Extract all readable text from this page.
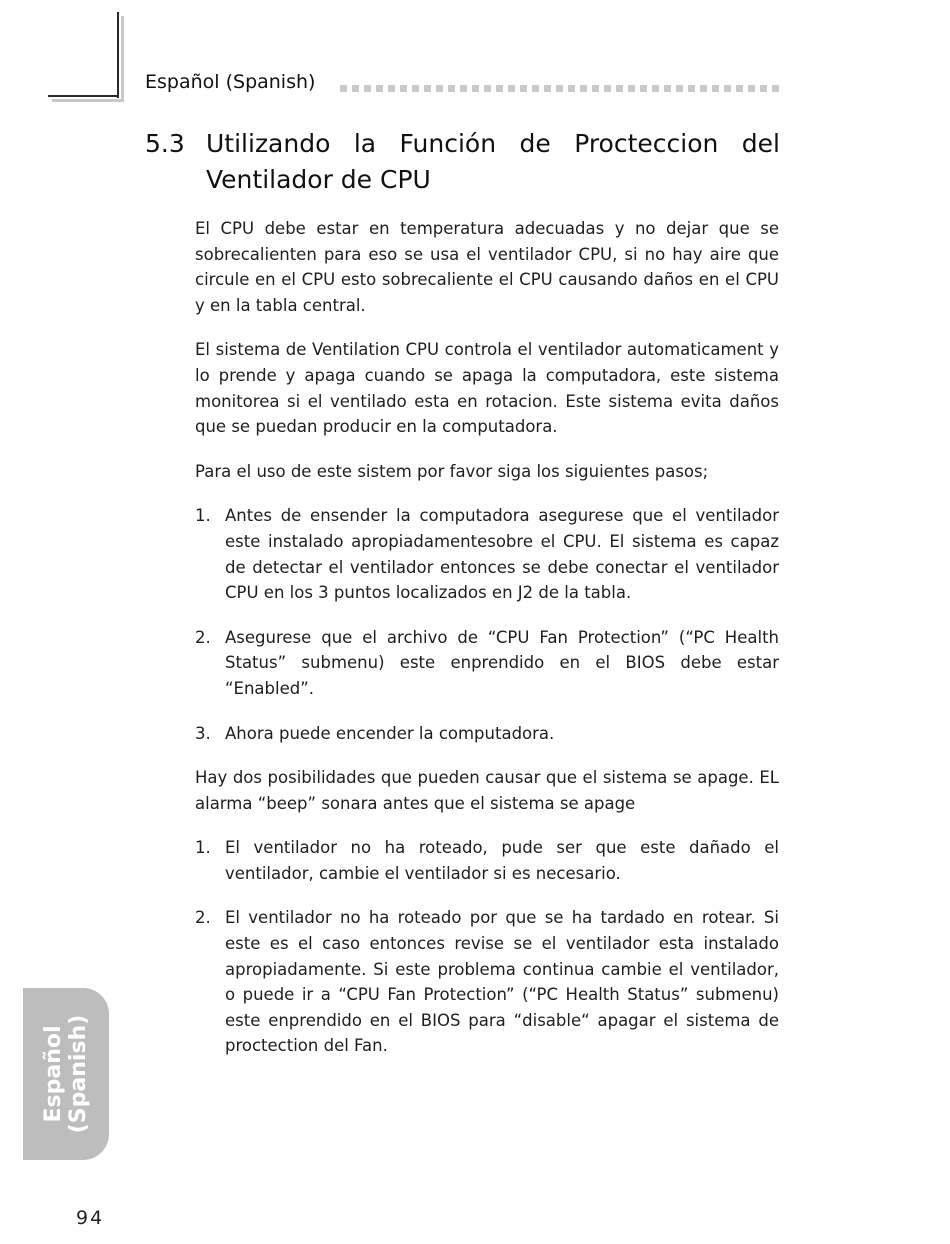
Español (Spanish)
5.3 Utilizando la Función de Procteccion del
Ventilador de CPU

El CPU debe estar en temperatura adecuadas y no dejar que se sobrecalienten para eso se usa el ventilador CPU, si no hay aire que circule en el CPU esto sobrecaliente el CPU causando daños en el CPU y en la tabla central.

El sistema de Ventilation CPU controla el ventilador automaticament y lo prende y apaga cuando se apaga la computadora, este sistema monitorea si el ventilado esta en rotacion. Este sistema evita daños que se puedan producir en la computadora.

Para el uso de este sistem por favor siga los siguientes pasos;

1. Antes de ensender la computadora asegurese que el ventilador este instalado apropiadamentesobre el CPU. El sistema es capaz de detectar el ventilador entonces se debe conectar el ventilador CPU en los 3 puntos localizados en J2 de la tabla.
2. Asegurese que el archivo de “CPU Fan Protection” (“PC Health Status” submenu) este enprendido en el BIOS debe estar “Enabled”.
3. Ahora puede encender la computadora.

Hay dos posibilidades que pueden causar que el sistema se apage. EL alarma “beep” sonara antes que el sistema se apage

1. El ventilador no ha roteado, pude ser que este dañado el ventilador, cambie el ventilador si es necesario.
2. El ventilador no ha roteado por que se ha tardado en rotear. Si este es el caso entonces revise se el ventilador esta instalado apropiadamente. Si este problema continua cambie el ventilador, o puede ir a “CPU Fan Protection” (“PC Health Status” submenu) este enprendido en el BIOS para “disable“ apagar el sistema de proctection del Fan.
Español (Spanish)
94
